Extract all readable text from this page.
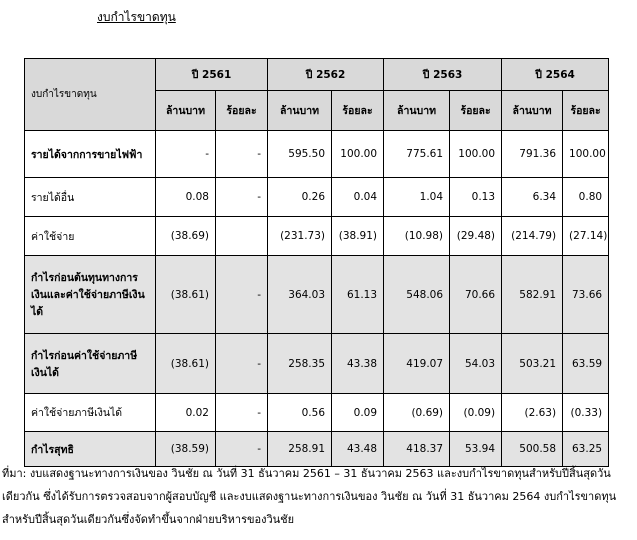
งบกำไรขาดทุน
งบกำไรขาดทุน	ปี 2561		ปี 2562		ปี 2563		ปี 2564	
	ล้านบาท	ร้อยละ	ล้านบาท	ร้อยละ	ล้านบาท	ร้อยละ	ล้านบาท	ร้อยละ
รายได้จากการขายไฟฟ้า	-	-	595.50	100.00	775.61	100.00	791.36	100.00
รายได้อื่น	0.08	-	0.26	0.04	1.04	0.13	6.34	0.80
ค่าใช้จ่าย	(38.69)		(231.73)	(38.91)	(10.98)	(29.48)	(214.79)	(27.14)
กำไรก่อนต้นทุนทางการเงินและค่าใช้จ่ายภาษีเงินได้	(38.61)	-	364.03	61.13	548.06	70.66	582.91	73.66
กำไรก่อนค่าใช้จ่ายภาษีเงินได้	(38.61)	-	258.35	43.38	419.07	54.03	503.21	63.59
ค่าใช้จ่ายภาษีเงินได้	0.02	-	0.56	0.09	(0.69)	(0.09)	(2.63)	(0.33)
กำไรสุทธิ	(38.59)	-	258.91	43.48	418.37	53.94	500.58	63.25
ที่มา: งบแสดงฐานะทางการเงินของ วินชัย ณ วันที่ 31 ธันวาคม 2561 – 31 ธันวาคม 2563 และงบกำไรขาดทุนสำหรับปีสิ้นสุดวันเดียวกัน ซึ่งได้รับการตรวจสอบจากผู้สอบบัญชี และงบแสดงฐานะทางการเงินของ วินชัย ณ วันที่ 31 ธันวาคม 2564 งบกำไรขาดทุนสำหรับปีสิ้นสุดวันเดียวกันซึ่งจัดทำขึ้นจากฝ่ายบริหารของวินชัย
